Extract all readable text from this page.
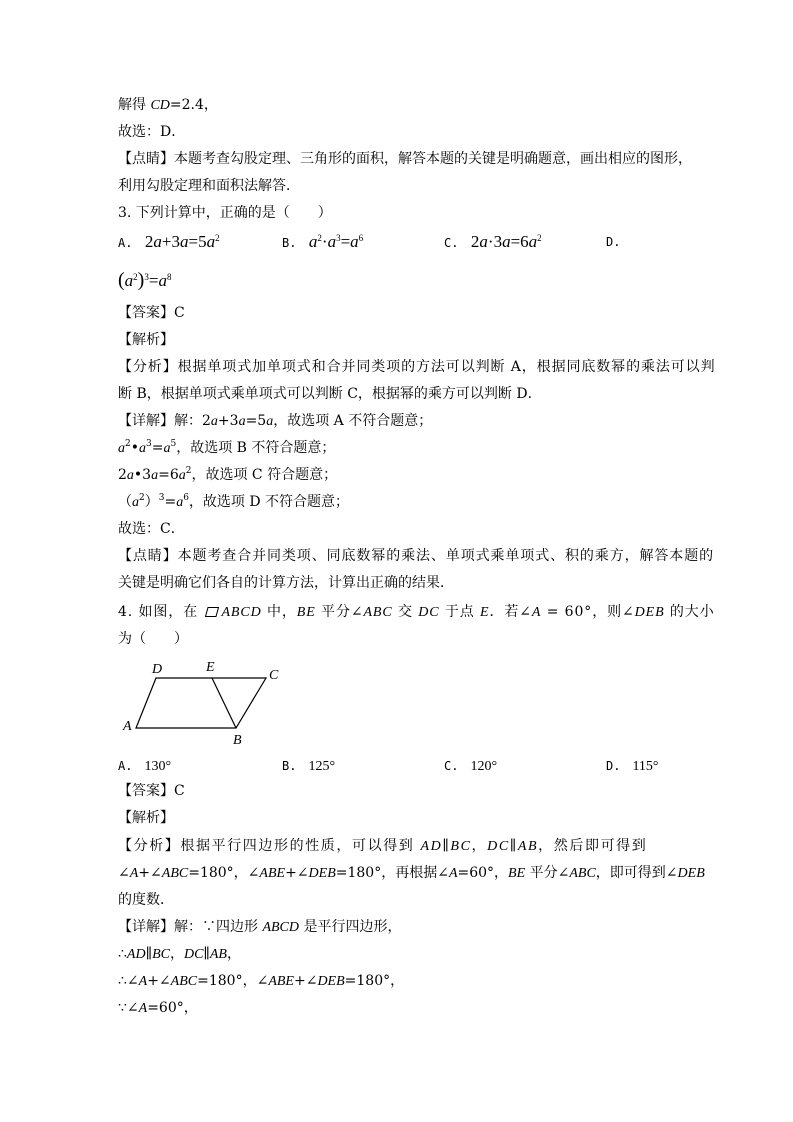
解得 CD=2.4，
故选：D．
【点睛】本题考查勾股定理、三角形的面积，解答本题的关键是明确题意，画出相应的图形，
利用勾股定理和面积法解答．
3. 下列计算中，正确的是（　　）
A. $2a+3a=5a^2$	B. $a^2\cdot a^3=a^6$	C. $2a\cdot 3a=6a^2$	D.
$(a^2)^3=a^8$
【答案】C
【解析】
【分析】根据单项式加单项式和合并同类项的方法可以判断 A，根据同底数幂的乘法可以判
断 B，根据单项式乘单项式可以判断 C，根据幂的乘方可以判断 D．
【详解】解：2a+3a=5a，故选项 A 不符合题意；
$a^2•a^3=a^5$，故选项 B 不符合题意；
$2a•3a=6a^2$，故选项 C 符合题意；
$(a^2)^3=a^6$，故选项 D 不符合题意；
故选：C．
【点睛】本题考查合并同类项、同底数幂的乘法、单项式乘单项式、积的乘方，解答本题的
关键是明确它们各自的计算方法，计算出正确的结果．
4. 如图，在 ABCD 中，BE 平分∠ABC 交 DC 于点 E．若∠A = 60°，则∠DEB 的大小
为（　　）
D	E
C
A
B
A. 130°	B. 125°	C. 120°	D. 115°
【答案】C
【解析】
【分析】根据平行四边形的性质，可以得到 AD∥BC，DC∥AB，然后即可得到
∠A+∠ABC=180°，∠ABE+∠DEB=180°，再根据∠A=60°，BE 平分∠ABC，即可得到∠DEB
的度数．
【详解】解：∵四边形 ABCD 是平行四边形，
∴AD∥BC，DC∥AB，
∴∠A+∠ABC=180°，∠ABE+∠DEB=180°，
∵∠A=60°，
